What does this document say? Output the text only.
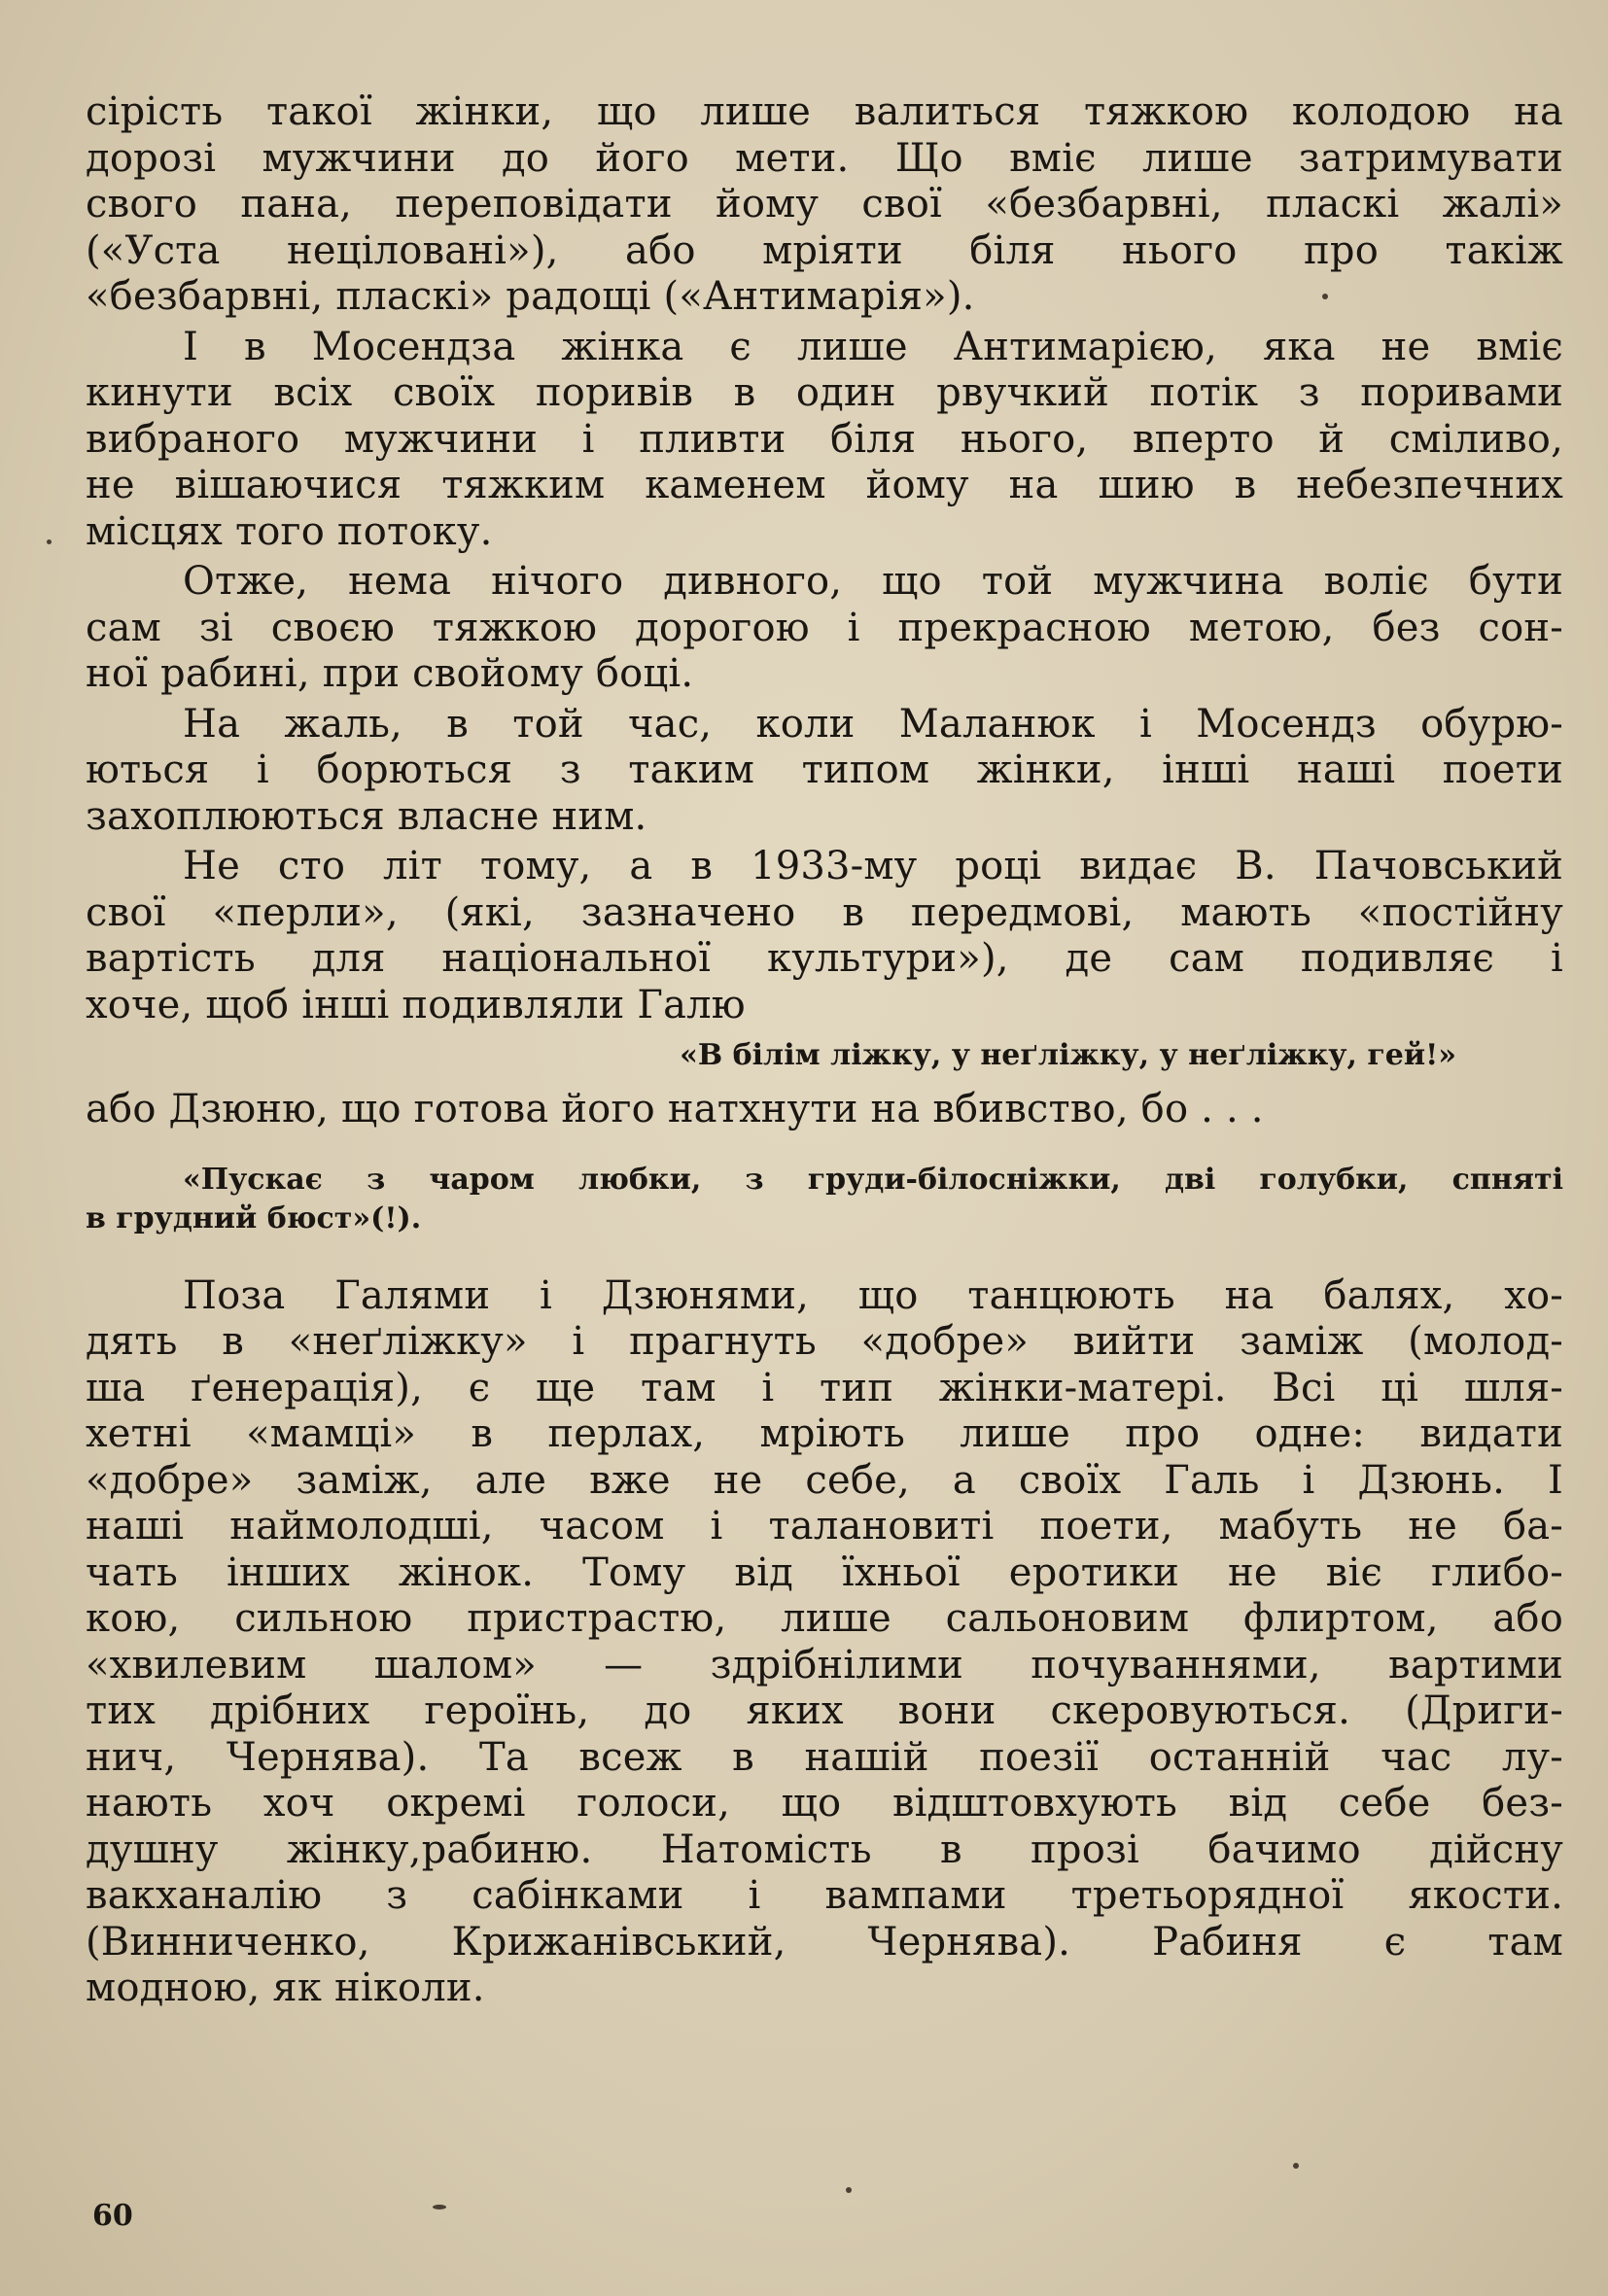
сірість такої жінки, що лише валиться тяжкою колодою на
дорозі мужчини до його мети. Що вміє лише затримувати
свого пана, переповідати йому свої «безбарвні, пласкі жалі»
(«Уста неціловані»), або мріяти біля нього про такіж
«безбарвні, пласкі» радощі («Антимарія»).

І в Мосендза жінка є лише Антимарією, яка не вміє
кинути всіх своїх поривів в один рвучкий потік з поривами
вибраного мужчини і пливти біля нього, вперто й сміливо,
не вішаючися тяжким каменем йому на шию в небезпечних
місцях того потоку.

Отже, нема нічого дивного, що той мужчина воліє бути
сам зі своєю тяжкою дорогою і прекрасною метою, без сон-
ної рабині, при свойому боці.

На жаль, в той час, коли Маланюк і Мосендз обурю-
ються і борються з таким типом жінки, інші наші поети
захоплюються власне ним.

Не сто літ тому, а в 1933-му році видає В. Пачовський
свої «перли», (які, зазначено в передмові, мають «постійну
вартість для національної культури»), де сам подивляє і
хоче, щоб інші подивляли Галю

«В білім ліжку, у неґліжку, у неґліжку, гей!»

або Дзюню, що готова його натхнути на вбивство, бо . . .

«Пускає з чаром любки, з груди-білосніжки, дві голубки, спняті
в грудний бюст»(!).

Поза Галями і Дзюнями, що танцюють на балях, хо-
дять в «неґліжку» і прагнуть «добре» вийти заміж (молод-
ша ґенерація), є ще там і тип жінки-матері. Всі ці шля-
хетні «мамці» в перлах, мріють лише про одне: видати
«добре» заміж, але вже не себе, а своїх Галь і Дзюнь. І
наші наймолодші, часом і талановиті поети, мабуть не ба-
чать інших жінок. Тому від їхньої еротики не віє глибо-
кою, сильною пристрастю, лише сальоновим флиртом, або
«хвилевим шалом» — здрібнілими почуваннями, вартими
тих дрібних героїнь, до яких вони скеровуються. (Дриги-
нич, Чернява). Та всеж в нашій поезії останній час лу-
нають хоч окремі голоси, що відштовхують від себе без-
душну жінку,рабиню. Натомість в прозі бачимо дійсну
вакханалію з сабінками і вампами третьорядної якости.
(Винниченко, Крижанівський, Чернява). Рабиня є там
модною, як ніколи.

60
